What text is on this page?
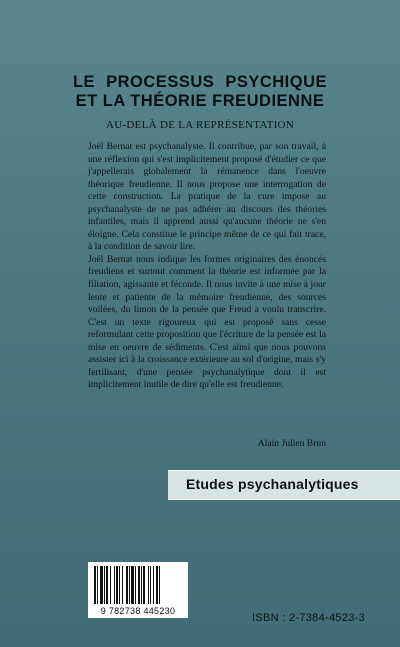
LE PROCESSUS PSYCHIQUE
ET LA THÉORIE FREUDIENNE
AU-DELÀ DE LA REPRÉSENTATION

Joël Bernat est psychanalyste. Il contribue, par son travail, à une réflexion qui s'est implicitement proposé d'étudier ce que j'appellerais globalement la rémanence dans l'oeuvre théorique freudienne. Il nous propose une interrogation de cette construction. La pratique de la cure impose au psychanalyste de ne pas adhérer au discours des théories infantiles, mais il apprend aussi qu'aucune théorie ne s'en éloigne. Cela constitue le principe même de ce qui fait trace, à la condition de savoir lire.

Joël Bernat nous indique les formes originaires des énoncés freudiens et surtout comment la théorie est informée par la filiation, agissante et féconde. Il nous invite à une mise à jour lente et patiente de la mémoire freudienne, des sources voilées, du limon de la pensée que Freud a voulu transcrire. C'est un texte rigoureux qui est proposé sans cesse reformulant cette proposition que l'écriture de la pensée est la mise en oeuvre de sédiments. C'est ainsi que nous pouvons assister ici à la croissance extérieure au sol d'origine, mais s'y fertilisant, d'une pensée psychanalytique dont il est implicitement inutile de dire qu'elle est freudienne.

Alain Julien Brun
Etudes psychanalytiques
9 782738 445230
ISBN : 2-7384-4523-3
